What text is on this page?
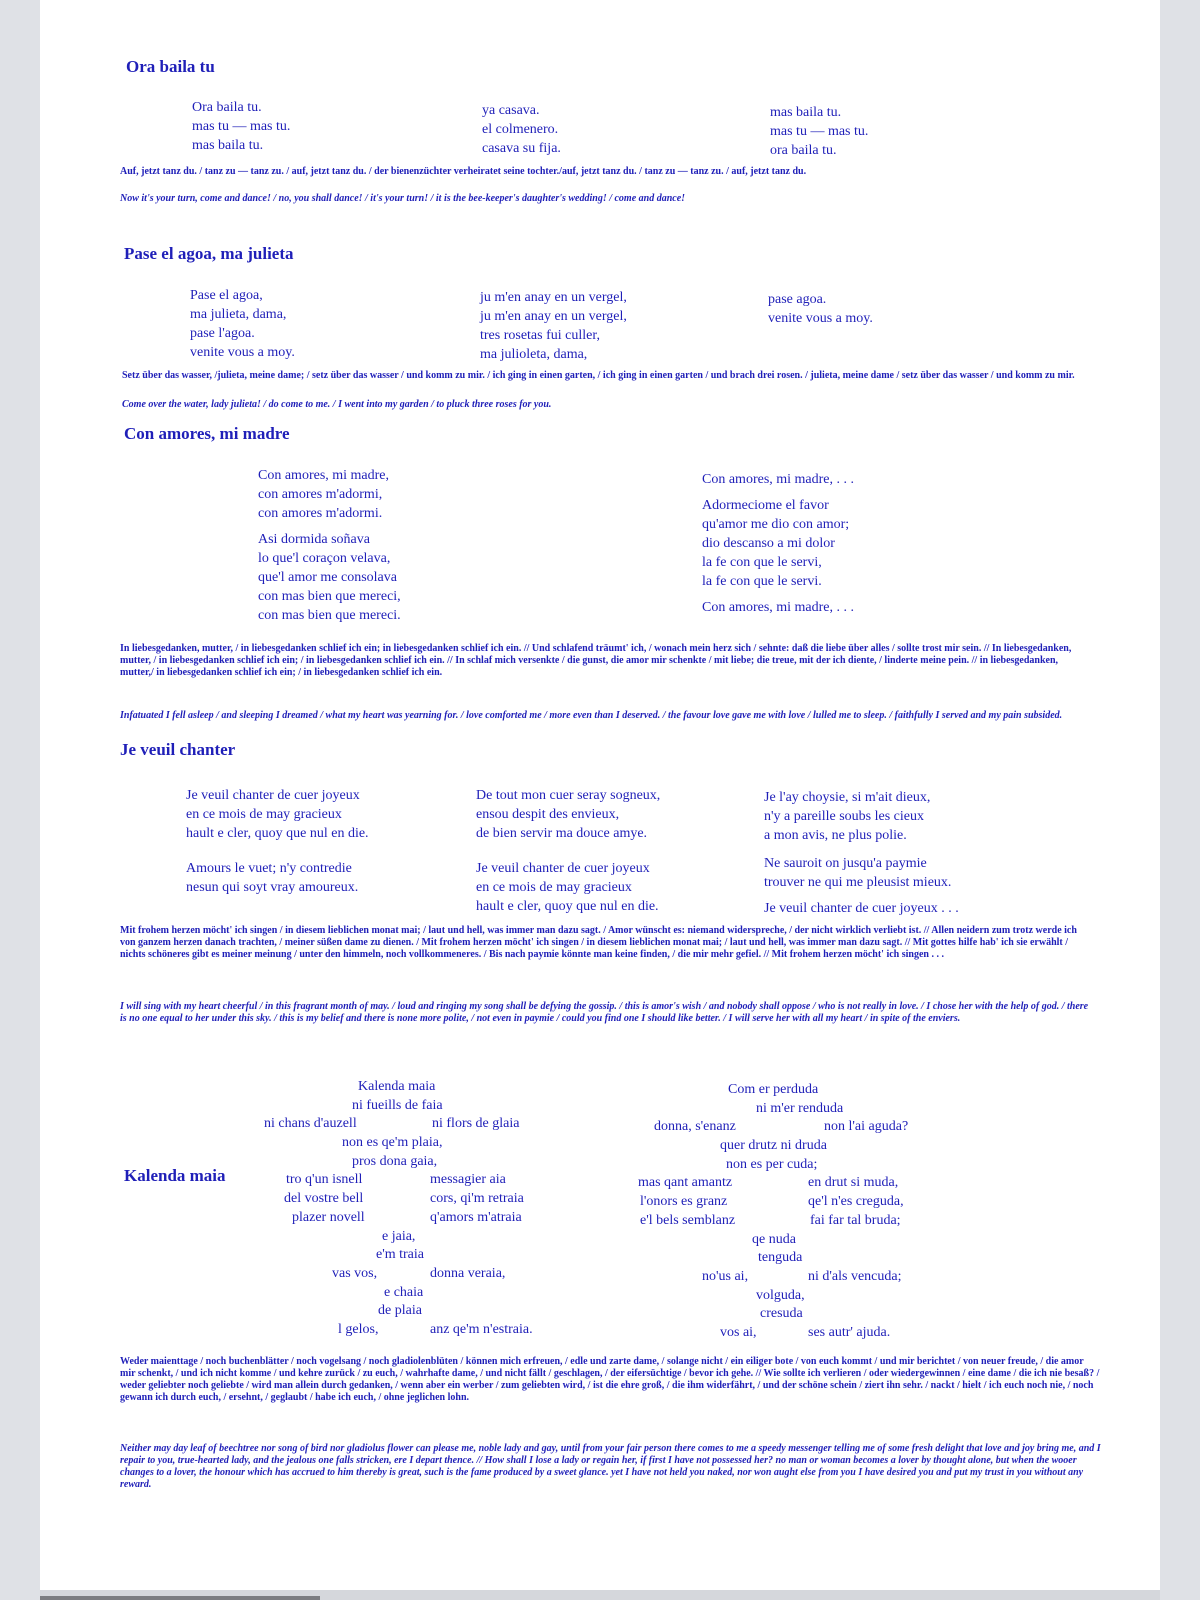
Ora baila tu
Ora baila tu.
mas tu — mas tu.
mas baila tu.
ya casava.
el colmenero.
casava su fija.
mas baila tu.
mas tu — mas tu.
ora baila tu.
Auf, jetzt tanz du. / tanz zu — tanz zu. / auf, jetzt tanz du. / der bienenzüchter verheiratet seine tochter./auf, jetzt tanz du. / tanz zu — tanz zu. / auf, jetzt tanz du.
Now it's your turn, come and dance! / no, you shall dance! / it's your turn! / it is the bee-keeper's daughter's wedding! / come and dance!
Pase el agoa, ma julieta
Pase el agoa,
ma julieta, dama,
pase l'agoa.
venite vous a moy.
ju m'en anay en un vergel,
ju m'en anay en un vergel,
tres rosetas fui culler,
ma julioleta, dama,
pase agoa.
venite vous a moy.
Setz über das wasser, /julieta, meine dame; / setz über das wasser / und komm zu mir. / ich ging in einen garten, / ich ging in einen garten / und brach drei rosen. / julieta, meine dame / setz über das wasser / und komm zu mir.
Come over the water, lady julieta! / do come to me. / I went into my garden / to pluck three roses for you.
Con amores, mi madre
Con amores, mi madre,
con amores m'adormi,
con amores m'adormi.
Asi dormida soñava
lo que'l coraçon velava,
que'l amor me consolava
con mas bien que mereci,
con mas bien que mereci.
Con amores, mi madre, . . .
Adormeciome el favor
qu'amor me dio con amor;
dio descanso a mi dolor
la fe con que le servi,
la fe con que le servi.
Con amores, mi madre, . . .
In liebesgedanken, mutter, / in liebesgedanken schlief ich ein; in liebesgedanken schlief ich ein. // Und schlafend träumt' ich, / wonach mein herz sich / sehnte: daß die liebe über alles / sollte trost mir sein. // In liebesgedanken, mutter, / in liebesgedanken schlief ich ein; / in liebesgedanken schlief ich ein. // In schlaf mich versenkte / die gunst, die amor mir schenkte / mit liebe; die treue, mit der ich diente, / linderte meine pein. // in liebesgedanken, mutter,/ in liebesgedanken schlief ich ein; / in liebesgedanken schlief ich ein.
Infatuated I fell asleep / and sleeping I dreamed / what my heart was yearning for. / love comforted me / more even than I deserved. / the favour love gave me with love / lulled me to sleep. / faithfully I served and my pain subsided.
Je veuil chanter
Je veuil chanter de cuer joyeux
en ce mois de may gracieux
hault e cler, quoy que nul en die.
Amours le vuet; n'y contredie
nesun qui soyt vray amoureux.
De tout mon cuer seray sogneux,
ensou despit des envieux,
de bien servir ma douce amye.
Je veuil chanter de cuer joyeux
en ce mois de may gracieux
hault e cler, quoy que nul en die.
Je l'ay choysie, si m'ait dieux,
n'y a pareille soubs les cieux
a mon avis, ne plus polie.
Ne sauroit on jusqu'a paymie
trouver ne qui me pleusist mieux.
Je veuil chanter de cuer joyeux . . .
Mit frohem herzen möcht' ich singen / in diesem lieblichen monat mai; / laut und hell, was immer man dazu sagt. / Amor wünscht es: niemand widerspreche, / der nicht wirklich verliebt ist. // Allen neidern zum trotz werde ich von ganzem herzen danach trachten, / meiner süßen dame zu dienen. / Mit frohem herzen möcht' ich singen / in diesem lieblichen monat mai; / laut und hell, was immer man dazu sagt. // Mit gottes hilfe hab' ich sie erwählt / nichts schöneres gibt es meiner meinung / unter den himmeln, noch vollkommeneres. / Bis nach paymie könnte man keine finden, / die mir mehr gefiel. // Mit frohem herzen möcht' ich singen . . .
I will sing with my heart cheerful / in this fragrant month of may. / loud and ringing my song shall be defying the gossip. / this is amor's wish / and nobody shall oppose / who is not really in love. / I chose her with the help of god. / there is no one equal to her under this sky. / this is my belief and there is none more polite, / not even in paymie / could you find one I should like better. / I will serve her with all my heart / in spite of the enviers.
Kalenda maia
Kalenda maia
ni fueills de faia
ni chans d'auzell	ni flors de glaia
non es qe'm plaia,
pros dona gaia,
tro q'un isnell	messagier aia
del vostre bell	cors, qi'm retraia
plazer novell	q'amors m'atraia
e jaia,
e'm traia
vas vos,	donna veraia,
e chaia
de plaia
l gelos,	anz qe'm n'estraia.
Com er perduda
ni m'er renduda
donna, s'enanz	non l'ai aguda?
quer drutz ni druda
non es per cuda;
mas qant amantz	en drut si muda,
l'onors es granz	qe'l n'es creguda,
e'l bels semblanz	fai far tal bruda;
qe nuda
tenguda
no'us ai,	ni d'als vencuda;
volguda,
cresuda
vos ai,	ses autr' ajuda.
Weder maienttage / noch buchenblätter / noch vogelsang / noch gladiolenblüten / können mich erfreuen, / edle und zarte dame, / solange nicht / ein eiliger bote / von euch kommt / und mir berichtet / von neuer freude, / die amor mir schenkt, / und ich nicht komme / und kehre zurück / zu euch, / wahrhafte dame, / und nicht fällt / geschlagen, / der eifersüchtige / bevor ich gehe. // Wie sollte ich verlieren / oder wiedergewinnen / eine dame / die ich nie besaß? / weder geliebter noch geliebte / wird man allein durch gedanken, / wenn aber ein werber / zum geliebten wird, / ist die ehre groß, / die ihm widerfährt, / und der schöne schein / ziert ihn sehr. / nackt / hielt / ich euch noch nie, / noch gewann ich durch euch, / ersehnt, / geglaubt / habe ich euch, / ohne jeglichen lohn.
Neither may day leaf of beechtree nor song of bird nor gladiolus flower can please me, noble lady and gay, until from your fair person there comes to me a speedy messenger telling me of some fresh delight that love and joy bring me, and I repair to you, true-hearted lady, and the jealous one falls stricken, ere I depart thence. // How shall I lose a lady or regain her, if first I have not possessed her? no man or woman becomes a lover by thought alone, but when the wooer changes to a lover, the honour which has accrued to him thereby is great, such is the fame produced by a sweet glance. yet I have not held you naked, nor won aught else from you I have desired you and put my trust in you without any reward.
